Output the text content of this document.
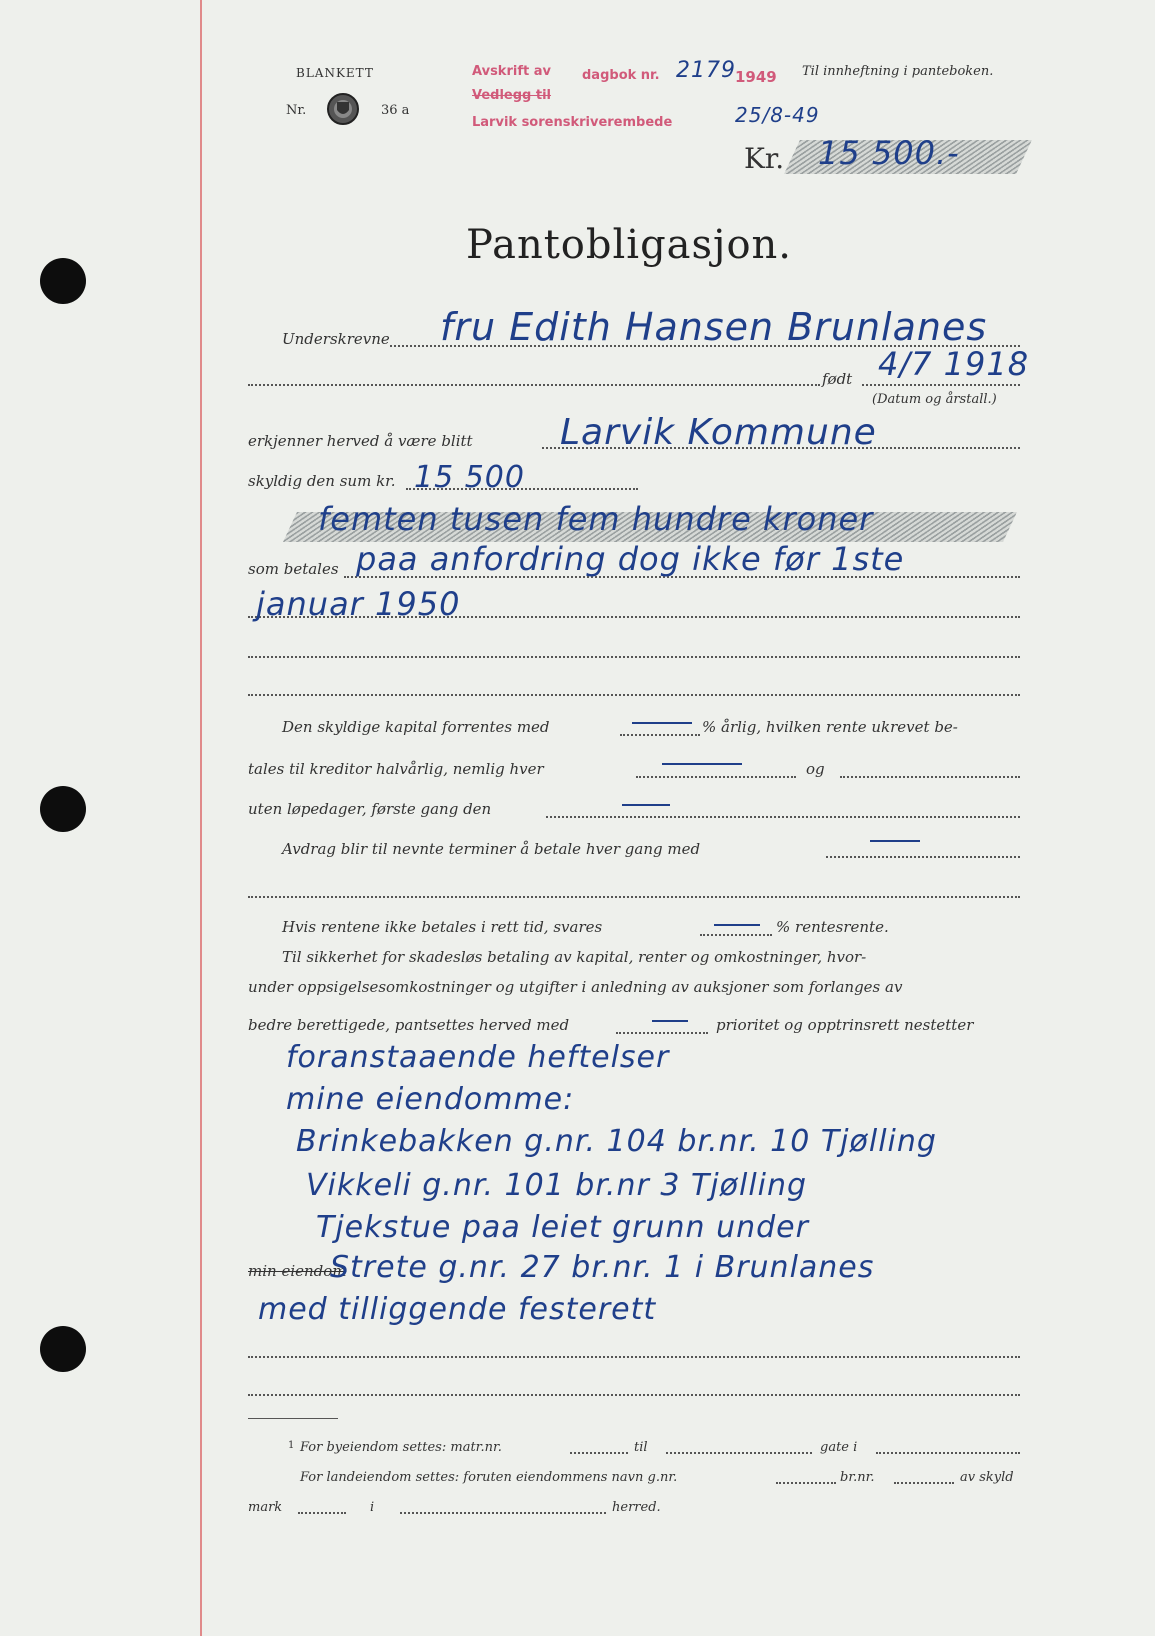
BLANKETT
Nr.	36 a
Avskrift av dagbok nr. 2179 1949
Vedlegg til
Larvik sorenskriverembede	25/8-49
Til innheftning i panteboken.
Kr. 15 500.-
Pantobligasjon.
Underskrevne fru Edith Hansen Brunlanes
født 4/7 1918
(Datum og årstall.)
erkjenner herved å være blitt Larvik Kommune
skyldig den sum kr. 15 500
femten tusen fem hundre kroner
som betales paa anfordring dog ikke før 1ste
januar 1950
Den skyldige kapital forrentes med	% årlig, hvilken rente ukrevet be-
tales til kreditor halvårlig, nemlig hver	og
uten løpedager, første gang den
Avdrag blir til nevnte terminer å betale hver gang med
Hvis rentene ikke betales i rett tid, svares	% rentesrente.
Til sikkerhet for skadesløs betaling av kapital, renter og omkostninger, hvor-
under oppsigelsesomkostninger og utgifter i anledning av auksjoner som forlanges av
bedre berettigede, pantsettes herved med	prioritet og opptrinsrett nestetter
foranstaaende heftelser
mine eiendomme:
Brinkebakken g.nr. 104 br.nr. 10 Tjølling
Vikkeli g.nr. 101 br.nr 3 Tjølling
Tjekstue paa leiet grunn under
min eiendom
Strete g.nr. 27 br.nr. 1 i Brunlanes
med tilliggende festerett
1 For byeiendom settes: matr.nr.	til	gate i
For landeiendom settes: foruten eiendommens navn g.nr.	br.nr.	av skyld
mark	i	herred.
